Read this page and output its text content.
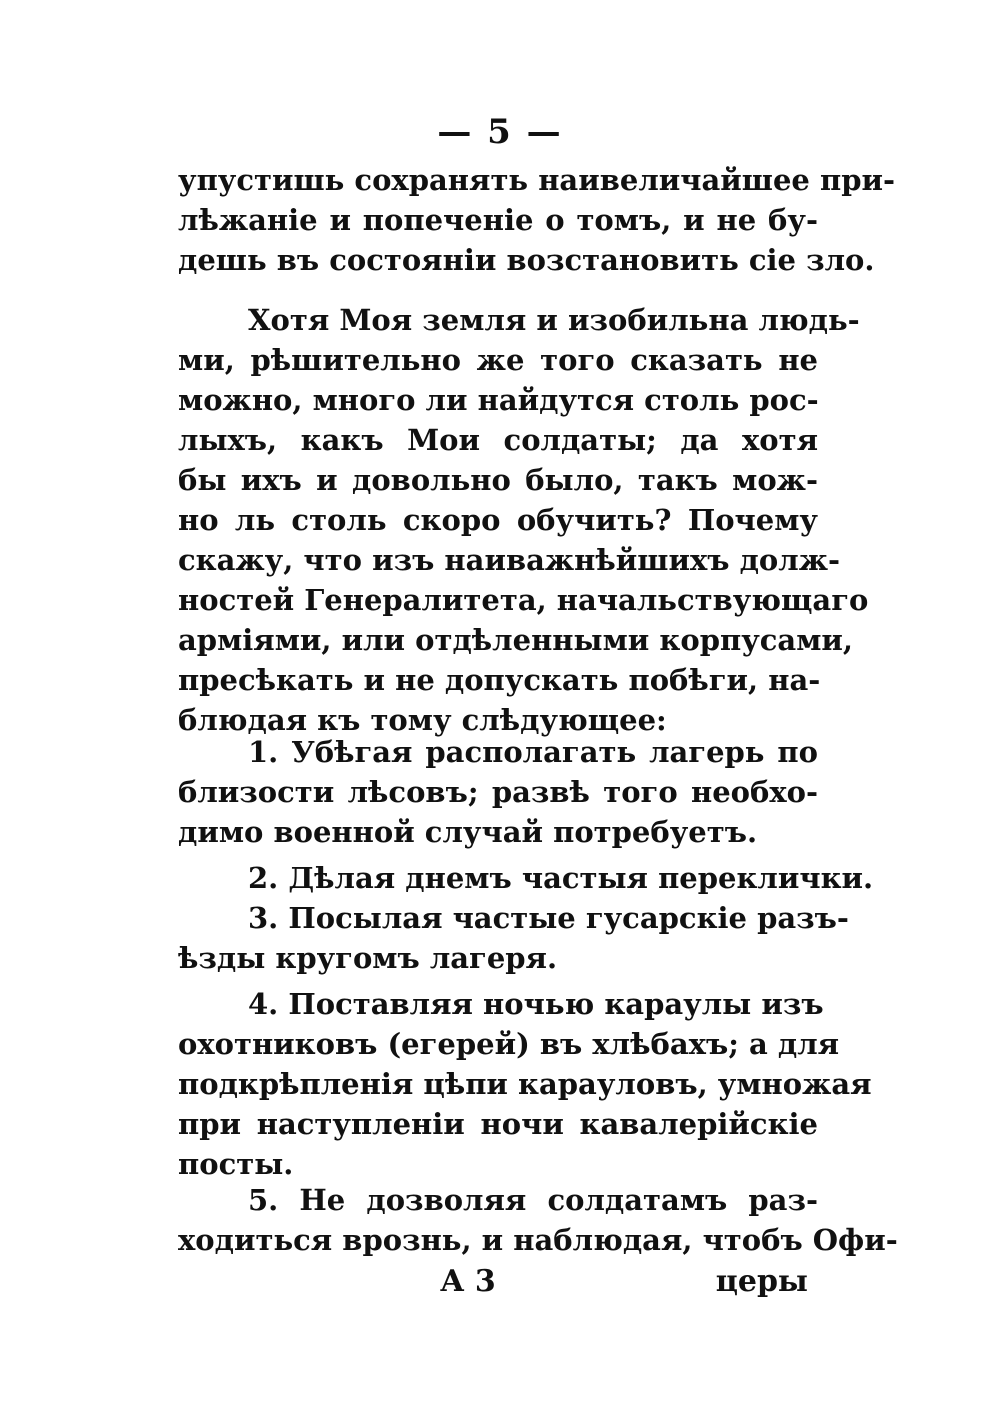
— 5 —
упустишь сохранять наивеличайшее при-
лѣжаніе и попеченіе о томъ, и не бу-
дешь въ состояніи возстановить сіе зло.
Хотя Моя земля и изобильна людь-
ми, рѣшительно же того сказать не
можно, много ли найдутся столь рос-
лыхъ, какъ Мои солдаты; да хотя
бы ихъ и довольно было, такъ мож-
но ль столь скоро обучить? Почему
скажу, что изъ наиважнѣйшихъ долж-
ностей Генералитета, начальствующаго
арміями, или отдѣленными корпусами,
пресѣкать и не допускать побѣги, на-
блюдая къ тому слѣдующее:
1. Убѣгая располагать лагерь по
близости лѣсовъ; развѣ того необхо-
димо военной случай потребуетъ.
2. Дѣлая днемъ частыя переклички.
3. Посылая частые гусарскіе разъ-
ѣзды кругомъ лагеря.
4. Поставляя ночью караулы изъ
охотниковъ (егерей) въ хлѣбахъ; а для
подкрѣпленія цѣпи карауловъ, умножая
при наступленіи ночи кавалерійскіе
посты.
5. Не дозволяя солдатамъ раз-
ходиться врознь, и наблюдая, чтобъ Офи-
А 3	церы
